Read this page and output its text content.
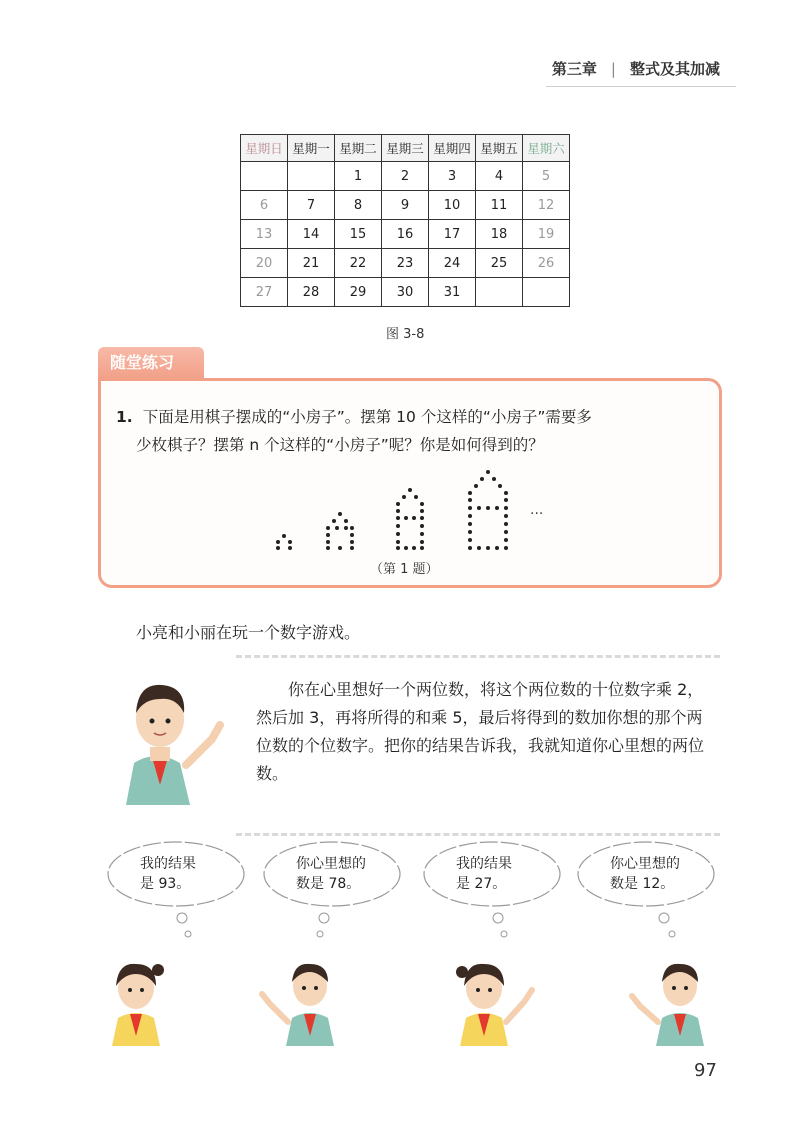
第三章 | 整式及其加减
星期日	星期一	星期二	星期三	星期四	星期五	星期六
		1	2	3	4	5
6	7	8	9	10	11	12
13	14	15	16	17	18	19
20	21	22	23	24	25	26
27	28	29	30	31		
图 3-8
随堂练习
1. 下面是用棋子摆成的“小房子”。摆第 10 个这样的“小房子”需要多
少枚棋子？摆第 n 个这样的“小房子”呢？你是如何得到的？
···
（第 1 题）
小亮和小丽在玩一个数字游戏。
你在心里想好一个两位数，将这个两位数的十位数字乘 2，然后加 3，再将所得的和乘 5，最后将得到的数加你想的那个两位数的个位数字。把你的结果告诉我，我就知道你心里想的两位数。
我的结果
是 93。
你心里想的
数是 78。
我的结果
是 27。
你心里想的
数是 12。
97
